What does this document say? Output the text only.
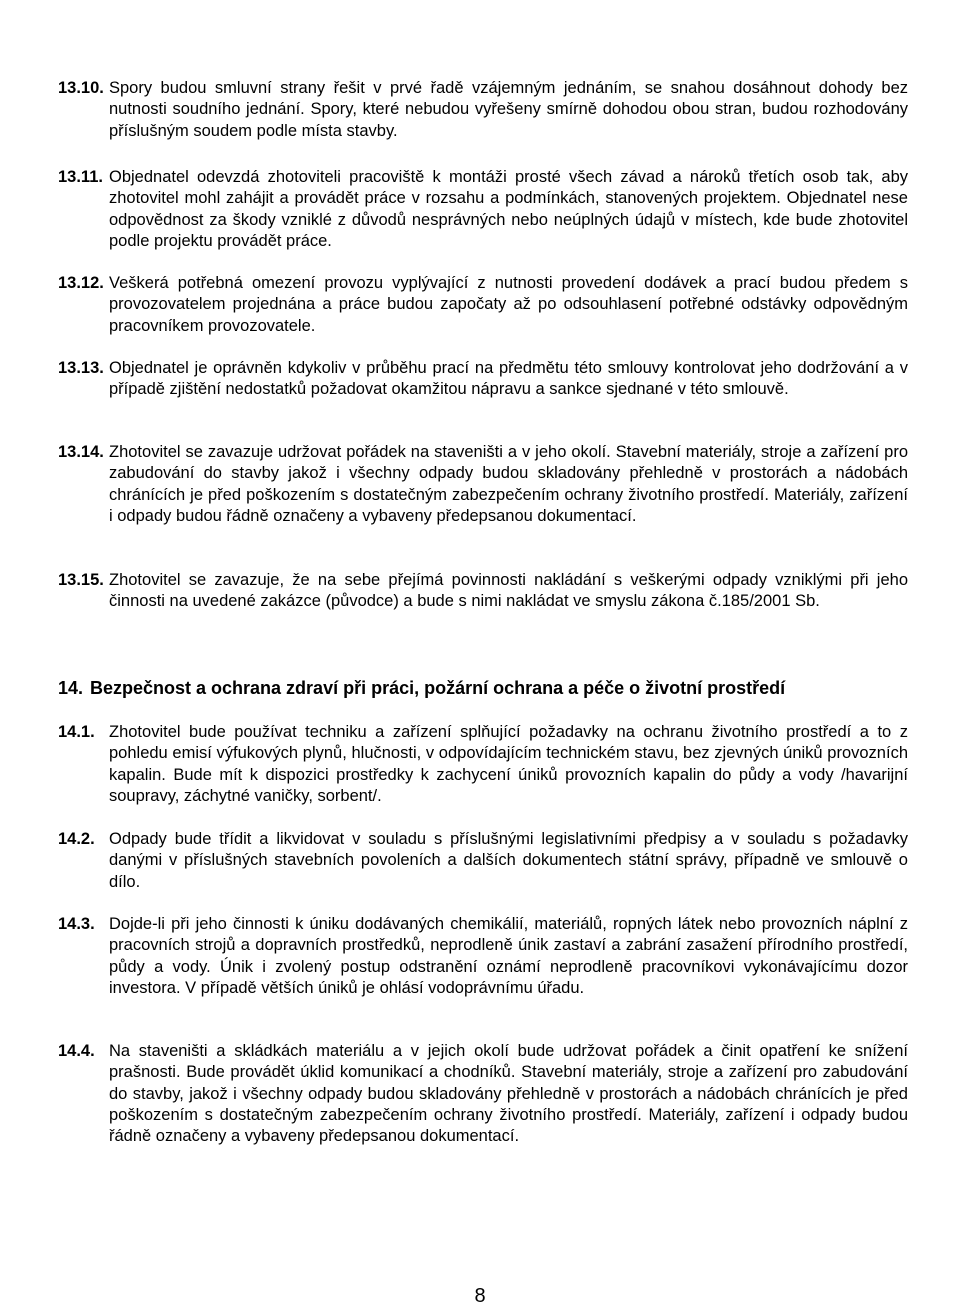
13.10. Spory budou smluvní strany řešit v prvé řadě vzájemným jednáním, se snahou dosáhnout dohody bez nutnosti soudního jednání. Spory, které nebudou vyřešeny smírně dohodou obou stran, budou rozhodovány příslušným soudem podle místa stavby.
13.11. Objednatel odevzdá zhotoviteli pracoviště k montáži prosté všech závad a nároků třetích osob tak, aby zhotovitel mohl zahájit a provádět práce v rozsahu a podmínkách, stanovených projektem. Objednatel nese odpovědnost za škody vzniklé z důvodů nesprávných nebo neúplných údajů v místech, kde bude zhotovitel podle projektu provádět práce.
13.12. Veškerá potřebná omezení provozu vyplývající z nutnosti provedení dodávek a prací budou předem s provozovatelem projednána a práce budou započaty až po odsouhlasení potřebné odstávky odpovědným pracovníkem provozovatele.
13.13. Objednatel je oprávněn kdykoliv v průběhu prací na předmětu této smlouvy kontrolovat jeho dodržování a v případě zjištění nedostatků požadovat okamžitou nápravu a sankce sjednané v této smlouvě.
13.14. Zhotovitel se zavazuje udržovat pořádek na staveništi a v jeho okolí. Stavební materiály, stroje a zařízení pro zabudování do stavby jakož i všechny odpady budou skladovány přehledně v prostorách a nádobách chránících je před poškozením s dostatečným zabezpečením ochrany životního prostředí. Materiály, zařízení i odpady budou řádně označeny a vybaveny předepsanou dokumentací.
13.15. Zhotovitel se zavazuje, že na sebe přejímá povinnosti nakládání s veškerými odpady vzniklými při jeho činnosti na uvedené zakázce (původce) a bude s nimi nakládat ve smyslu zákona č.185/2001 Sb.
14. Bezpečnost a ochrana zdraví při práci, požární ochrana a péče o životní prostředí
14.1. Zhotovitel bude používat techniku a zařízení splňující požadavky na ochranu životního prostředí a to z pohledu emisí výfukových plynů, hlučnosti, v odpovídajícím technickém stavu, bez zjevných úniků provozních kapalin. Bude mít k dispozici prostředky k zachycení úniků provozních kapalin do půdy a vody /havarijní soupravy, záchytné vaničky, sorbent/.
14.2. Odpady bude třídit a likvidovat v souladu s příslušnými legislativními předpisy a v souladu s požadavky danými v příslušných stavebních povoleních a dalších dokumentech státní správy, případně ve smlouvě o dílo.
14.3. Dojde-li při jeho činnosti k úniku dodávaných chemikálií, materiálů, ropných látek nebo provozních náplní z pracovních strojů a dopravních prostředků, neprodleně únik zastaví a zabrání zasažení přírodního prostředí, půdy a vody. Únik i zvolený postup odstranění oznámí neprodleně pracovníkovi vykonávajícímu dozor investora. V případě větších úniků je ohlásí vodoprávnímu úřadu.
14.4. Na staveništi a skládkách materiálu a v jejich okolí bude udržovat pořádek a činit opatření ke snížení prašnosti. Bude provádět úklid komunikací a chodníků. Stavební materiály, stroje a zařízení pro zabudování do stavby, jakož i všechny odpady budou skladovány přehledně v prostorách a nádobách chránících je před poškozením s dostatečným zabezpečením ochrany životního prostředí. Materiály, zařízení i odpady budou řádně označeny a vybaveny předepsanou dokumentací.
8
